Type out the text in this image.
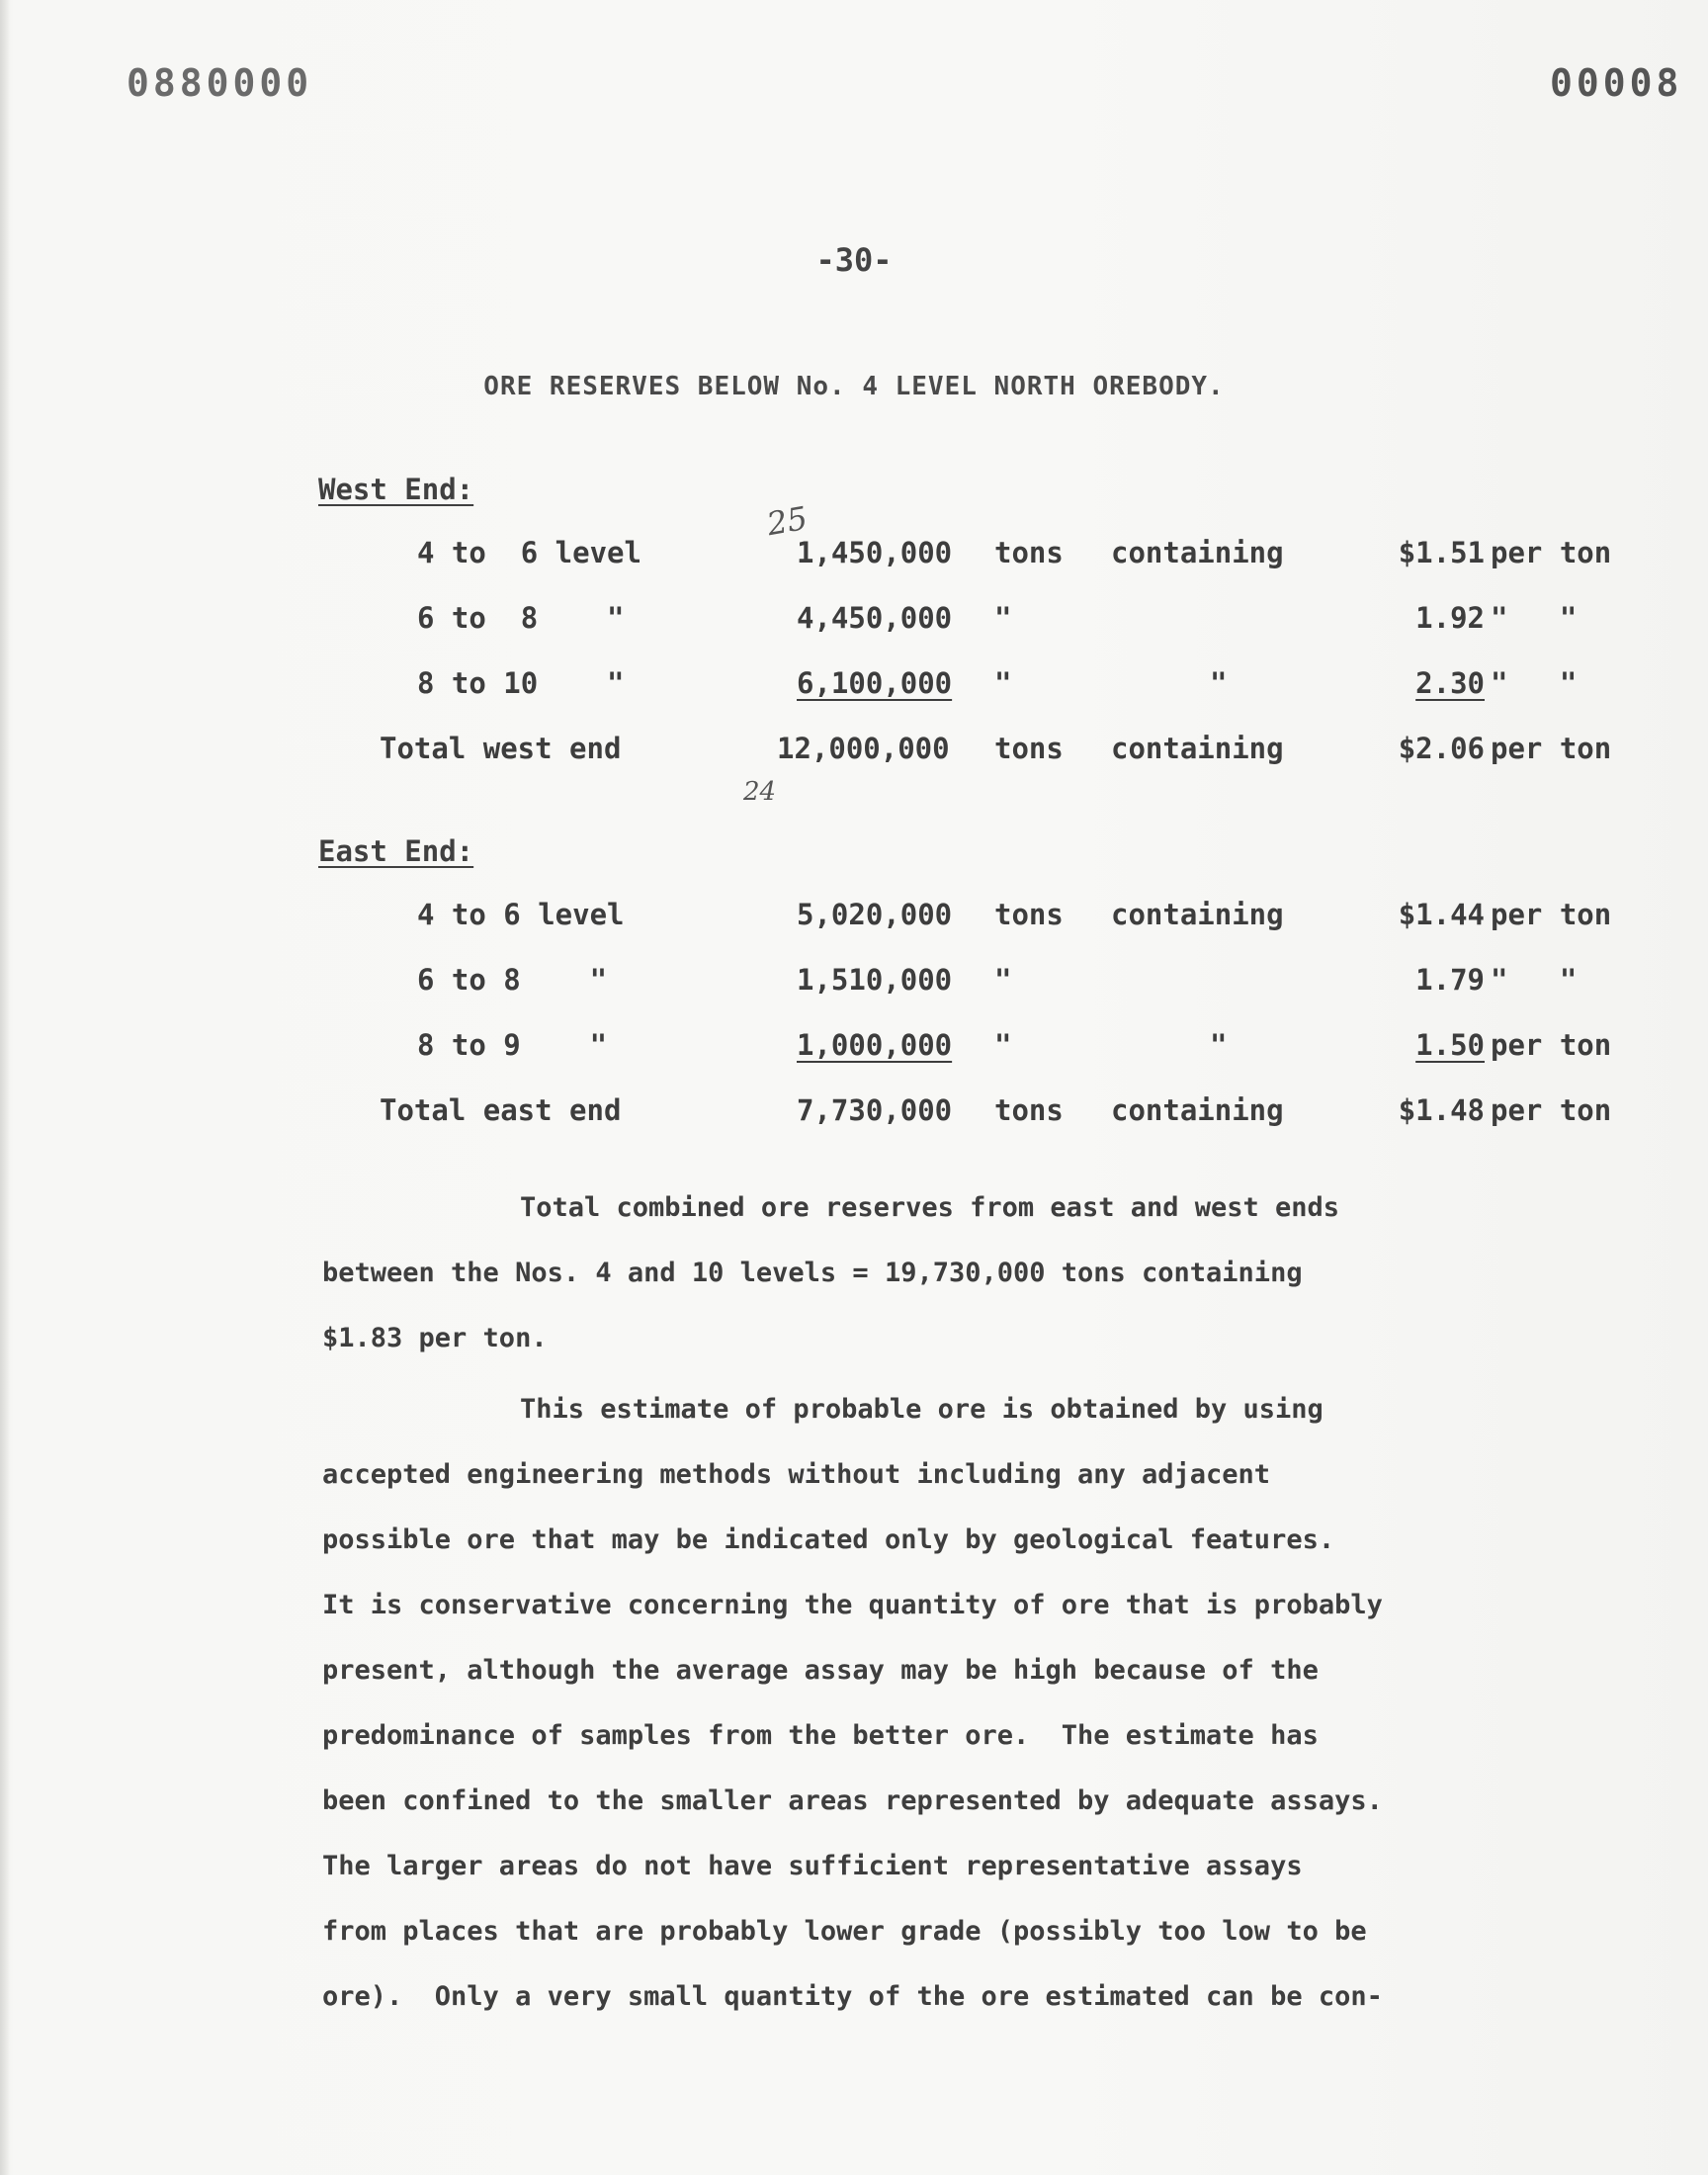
0880000	00008
-30-
ORE RESERVES BELOW No. 4 LEVEL NORTH OREBODY.
West End:
25
4 to  6 level	1,450,000 tons containing	$1.51 per ton
6 to  8    "	4,450,000 "	1.92 "   "
8 to 10    "	6,100,000 "	"	2.30 "   "
Total west end	12,000,000 tons containing	$2.06 per ton
24
East End:
4 to 6 level	5,020,000 tons containing	$1.44 per ton
6 to 8    "	1,510,000 "	1.79 "   "
8 to 9    "	1,000,000 "	"	1.50 per ton
Total east end	7,730,000 tons containing	$1.48 per ton
Total combined ore reserves from east and west ends
between the Nos. 4 and 10 levels = 19,730,000 tons containing
$1.83 per ton.
This estimate of probable ore is obtained by using
accepted engineering methods without including any adjacent
possible ore that may be indicated only by geological features.
It is conservative concerning the quantity of ore that is probably
present, although the average assay may be high because of the
predominance of samples from the better ore.  The estimate has
been confined to the smaller areas represented by adequate assays.
The larger areas do not have sufficient representative assays
from places that are probably lower grade (possibly too low to be
ore).  Only a very small quantity of the ore estimated can be con-
